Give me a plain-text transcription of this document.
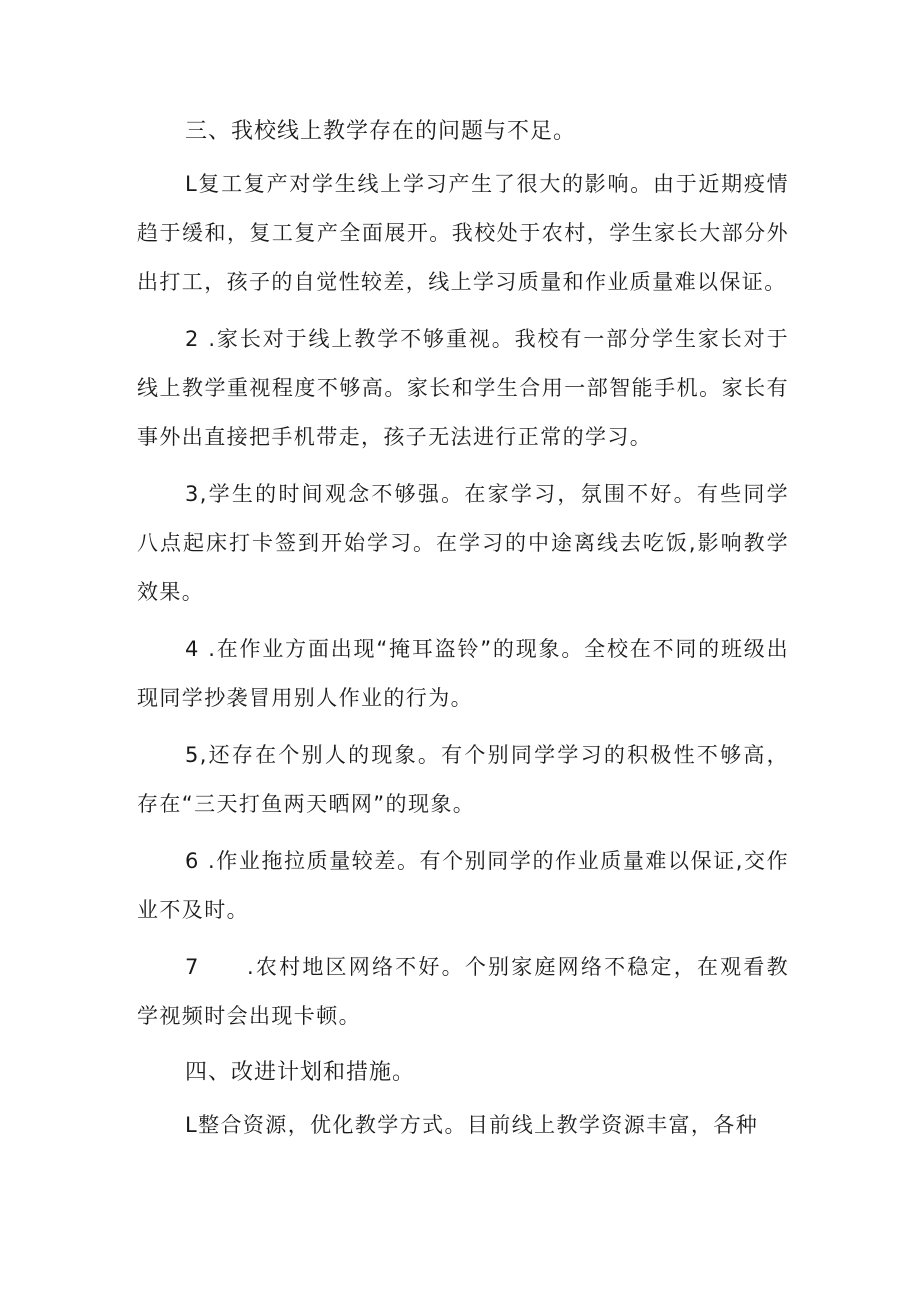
三、我校线上教学存在的问题与不足。

L复工复产对学生线上学习产生了很大的影响。由于近期疫情趋于缓和，复工复产全面展开。我校处于农村，学生家长大部分外出打工，孩子的自觉性较差，线上学习质量和作业质量难以保证。

2 .家长对于线上教学不够重视。我校有一部分学生家长对于线上教学重视程度不够高。家长和学生合用一部智能手机。家长有事外出直接把手机带走，孩子无法进行正常的学习。

3,学生的时间观念不够强。在家学习，氛围不好。有些同学八点起床打卡签到开始学习。在学习的中途离线去吃饭,影响教学效果。

4 .在作业方面出现“掩耳盗铃”的现象。全校在不同的班级出现同学抄袭冒用别人作业的行为。

5,还存在个别人的现象。有个别同学学习的积极性不够高，存在“三天打鱼两天晒网”的现象。

6 .作业拖拉质量较差。有个别同学的作业质量难以保证,交作业不及时。

7　　.农村地区网络不好。个别家庭网络不稳定，在观看教学视频时会出现卡顿。

四、改进计划和措施。

L整合资源，优化教学方式。目前线上教学资源丰富，各种
